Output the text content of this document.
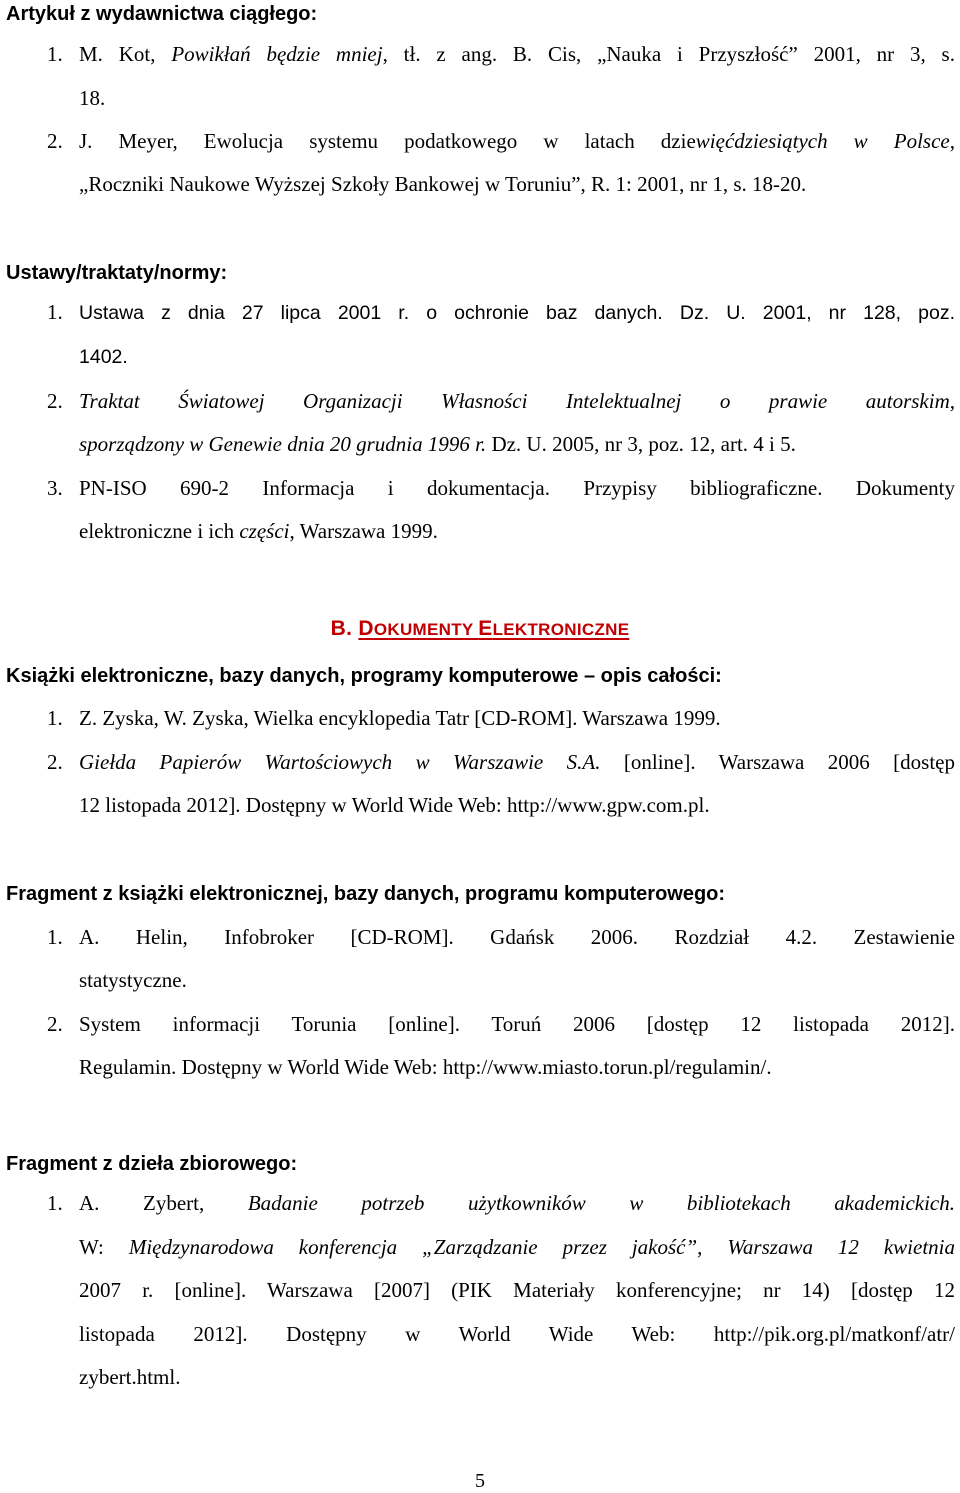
Artykuł z wydawnictwa ciągłego:
1. M. Kot, Powikłań będzie mniej, tł. z ang. B. Cis, „Nauka i Przyszłość” 2001, nr 3, s.
18.
2. J. Meyer, Ewolucja systemu podatkowego w latach dziewięćdziesiątych w Polsce,
„Roczniki Naukowe Wyższej Szkoły Bankowej w Toruniu”, R. 1: 2001, nr 1, s. 18-20.
Ustawy/traktaty/normy:
1. Ustawa z dnia 27 lipca 2001 r. o ochronie baz danych. Dz. U. 2001, nr 128, poz.
1402.
2. Traktat Światowej Organizacji Własności Intelektualnej o prawie autorskim,
sporządzony w Genewie dnia 20 grudnia 1996 r. Dz. U. 2005, nr 3, poz. 12, art. 4 i 5.
3. PN-ISO 690-2 Informacja i dokumentacja. Przypisy bibliograficzne. Dokumenty
elektroniczne i ich części, Warszawa 1999.
B. DOKUMENTY ELEKTRONICZNE
Książki elektroniczne, bazy danych, programy komputerowe – opis całości:
1. Z. Zyska, W. Zyska, Wielka encyklopedia Tatr [CD-ROM]. Warszawa 1999.
2. Giełda Papierów Wartościowych w Warszawie S.A. [online]. Warszawa 2006 [dostęp
12 listopada 2012]. Dostępny w World Wide Web: http://www.gpw.com.pl.
Fragment z książki elektronicznej, bazy danych, programu komputerowego:
1. A. Helin, Infobroker [CD-ROM]. Gdańsk 2006. Rozdział 4.2. Zestawienie
statystyczne.
2. System informacji Torunia [online]. Toruń 2006 [dostęp 12 listopada 2012].
Regulamin. Dostępny w World Wide Web: http://www.miasto.torun.pl/regulamin/.
Fragment z dzieła zbiorowego:
1. A. Zybert, Badanie potrzeb użytkowników w bibliotekach akademickich.
W: Międzynarodowa konferencja „Zarządzanie przez jakość”, Warszawa 12 kwietnia
2007 r. [online]. Warszawa [2007] (PIK Materiały konferencyjne; nr 14) [dostęp 12
listopada 2012]. Dostępny w World Wide Web: http://pik.org.pl/matkonf/atr/
zybert.html.
5
